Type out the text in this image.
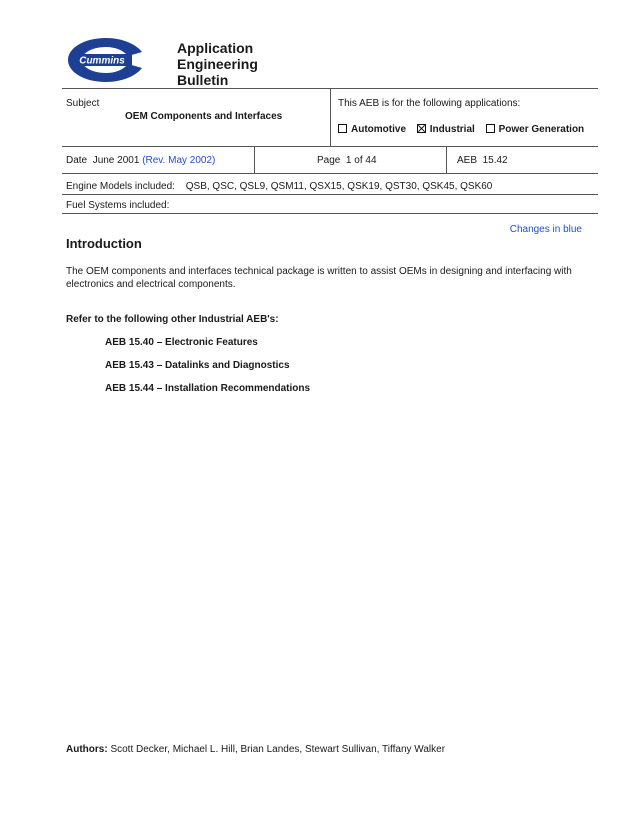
Cummins
Application
Engineering
Bulletin
Subject
OEM Components and Interfaces
This AEB is for the following applications:
Automotive Industrial Power Generation
Date June 2001 (Rev. May 2002)	Page 1 of 44	AEB 15.42
Engine Models included: QSB, QSC, QSL9, QSM11, QSX15, QSK19, QST30, QSK45, QSK60
Fuel Systems included:
Changes in blue
Introduction
The OEM components and interfaces technical package is written to assist OEMs in designing and interfacing with electronics and electrical components.
Refer to the following other Industrial AEB's:
AEB 15.40 – Electronic Features
AEB 15.43 – Datalinks and Diagnostics
AEB 15.44 – Installation Recommendations
Authors: Scott Decker, Michael L. Hill, Brian Landes, Stewart Sullivan, Tiffany Walker
